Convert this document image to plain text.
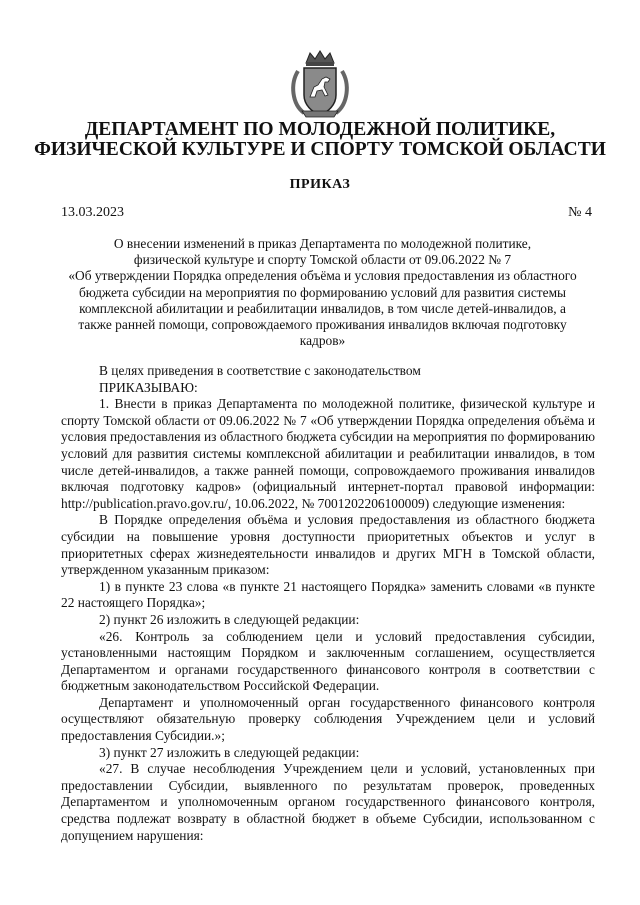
ДЕПАРТАМЕНТ ПО МОЛОДЕЖНОЙ ПОЛИТИКЕ,
ФИЗИЧЕСКОЙ КУЛЬТУРЕ И СПОРТУ ТОМСКОЙ ОБЛАСТИ
ПРИКАЗ
13.03.2023	№ 4
О внесении изменений в приказ Департамента по молодежной политике,
физической культуре и спорту Томской области от 09.06.2022 № 7
«Об утверждении Порядка определения объёма и условия предоставления из областного
бюджета субсидии на мероприятия по формированию условий для развития системы
комплексной абилитации и реабилитации инвалидов, в том числе детей-инвалидов, а
также ранней помощи, сопровождаемого проживания инвалидов включая подготовку
кадров»

В целях приведения в соответствие с законодательством

ПРИКАЗЫВАЮ:

1. Внести в приказ Департамента по молодежной политике, физической культуре и спорту Томской области от 09.06.2022 № 7 «Об утверждении Порядка определения объёма и условия предоставления из областного бюджета субсидии на мероприятия по формированию условий для развития системы комплексной абилитации и реабилитации инвалидов, в том числе детей-инвалидов, а также ранней помощи, сопровождаемого проживания инвалидов включая подготовку кадров» (официальный интернет-портал правовой информации: http://publication.pravo.gov.ru/, 10.06.2022, № 7001202206100009) следующие изменения:

В Порядке определения объёма и условия предоставления из областного бюджета субсидии на повышение уровня доступности приоритетных объектов и услуг в приоритетных сферах жизнедеятельности инвалидов и других МГН в Томской области, утвержденном указанным приказом:

1) в пункте 23 слова «в пункте 21 настоящего Порядка» заменить словами «в пункте 22 настоящего Порядка»;

2) пункт 26 изложить в следующей редакции:

«26. Контроль за соблюдением цели и условий предоставления субсидии, установленными настоящим Порядком и заключенным соглашением, осуществляется Департаментом и органами государственного финансового контроля в соответствии с бюджетным законодательством Российской Федерации.

Департамент и уполномоченный орган государственного финансового контроля осуществляют обязательную проверку соблюдения Учреждением цели и условий предоставления Субсидии.»;

3) пункт 27 изложить в следующей редакции:

«27. В случае несоблюдения Учреждением цели и условий, установленных при предоставлении Субсидии, выявленного по результатам проверок, проведенных Департаментом и уполномоченным органом государственного финансового контроля, средства подлежат возврату в областной бюджет в объеме Субсидии, использованном с допущением нарушения:
